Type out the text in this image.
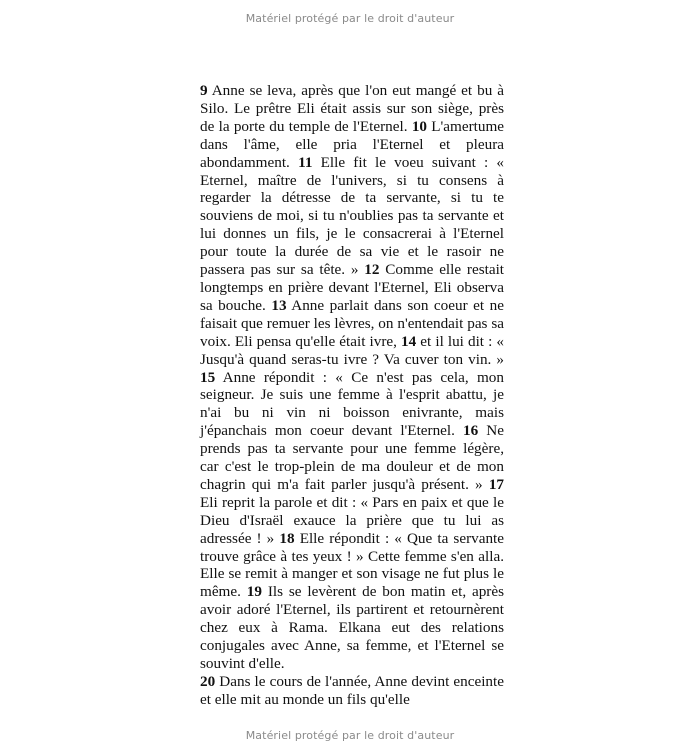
Matériel protégé par le droit d'auteur

9 Anne se leva, après que l'on eut mangé et bu à Silo. Le prêtre Eli était assis sur son siège, près de la porte du temple de l'Eternel. 10 L'amertume dans l'âme, elle pria l'Eternel et pleura abondamment. 11 Elle fit le voeu suivant : « Eternel, maître de l'univers, si tu consens à regarder la détresse de ta servante, si tu te souviens de moi, si tu n'oublies pas ta servante et lui donnes un fils, je le consacrerai à l'Eternel pour toute la durée de sa vie et le rasoir ne passera pas sur sa tête. » 12 Comme elle restait longtemps en prière devant l'Eternel, Eli observa sa bouche. 13 Anne parlait dans son coeur et ne faisait que remuer les lèvres, on n'entendait pas sa voix. Eli pensa qu'elle était ivre, 14 et il lui dit : « Jusqu'à quand seras-tu ivre ? Va cuver ton vin. » 15 Anne répondit : « Ce n'est pas cela, mon seigneur. Je suis une femme à l'esprit abattu, je n'ai bu ni vin ni boisson enivrante, mais j'épanchais mon coeur devant l'Eternel. 16 Ne prends pas ta servante pour une femme légère, car c'est le trop-plein de ma douleur et de mon chagrin qui m'a fait parler jusqu'à présent. » 17 Eli reprit la parole et dit : « Pars en paix et que le Dieu d'Israël exauce la prière que tu lui as adressée ! » 18 Elle répondit : « Que ta servante trouve grâce à tes yeux ! » Cette femme s'en alla. Elle se remit à manger et son visage ne fut plus le même. 19 Ils se levèrent de bon matin et, après avoir adoré l'Eternel, ils partirent et retournèrent chez eux à Rama. Elkana eut des relations conjugales avec Anne, sa femme, et l'Eternel se souvint d'elle.

20 Dans le cours de l'année, Anne devint enceinte et elle mit au monde un fils qu'elle

Matériel protégé par le droit d'auteur
